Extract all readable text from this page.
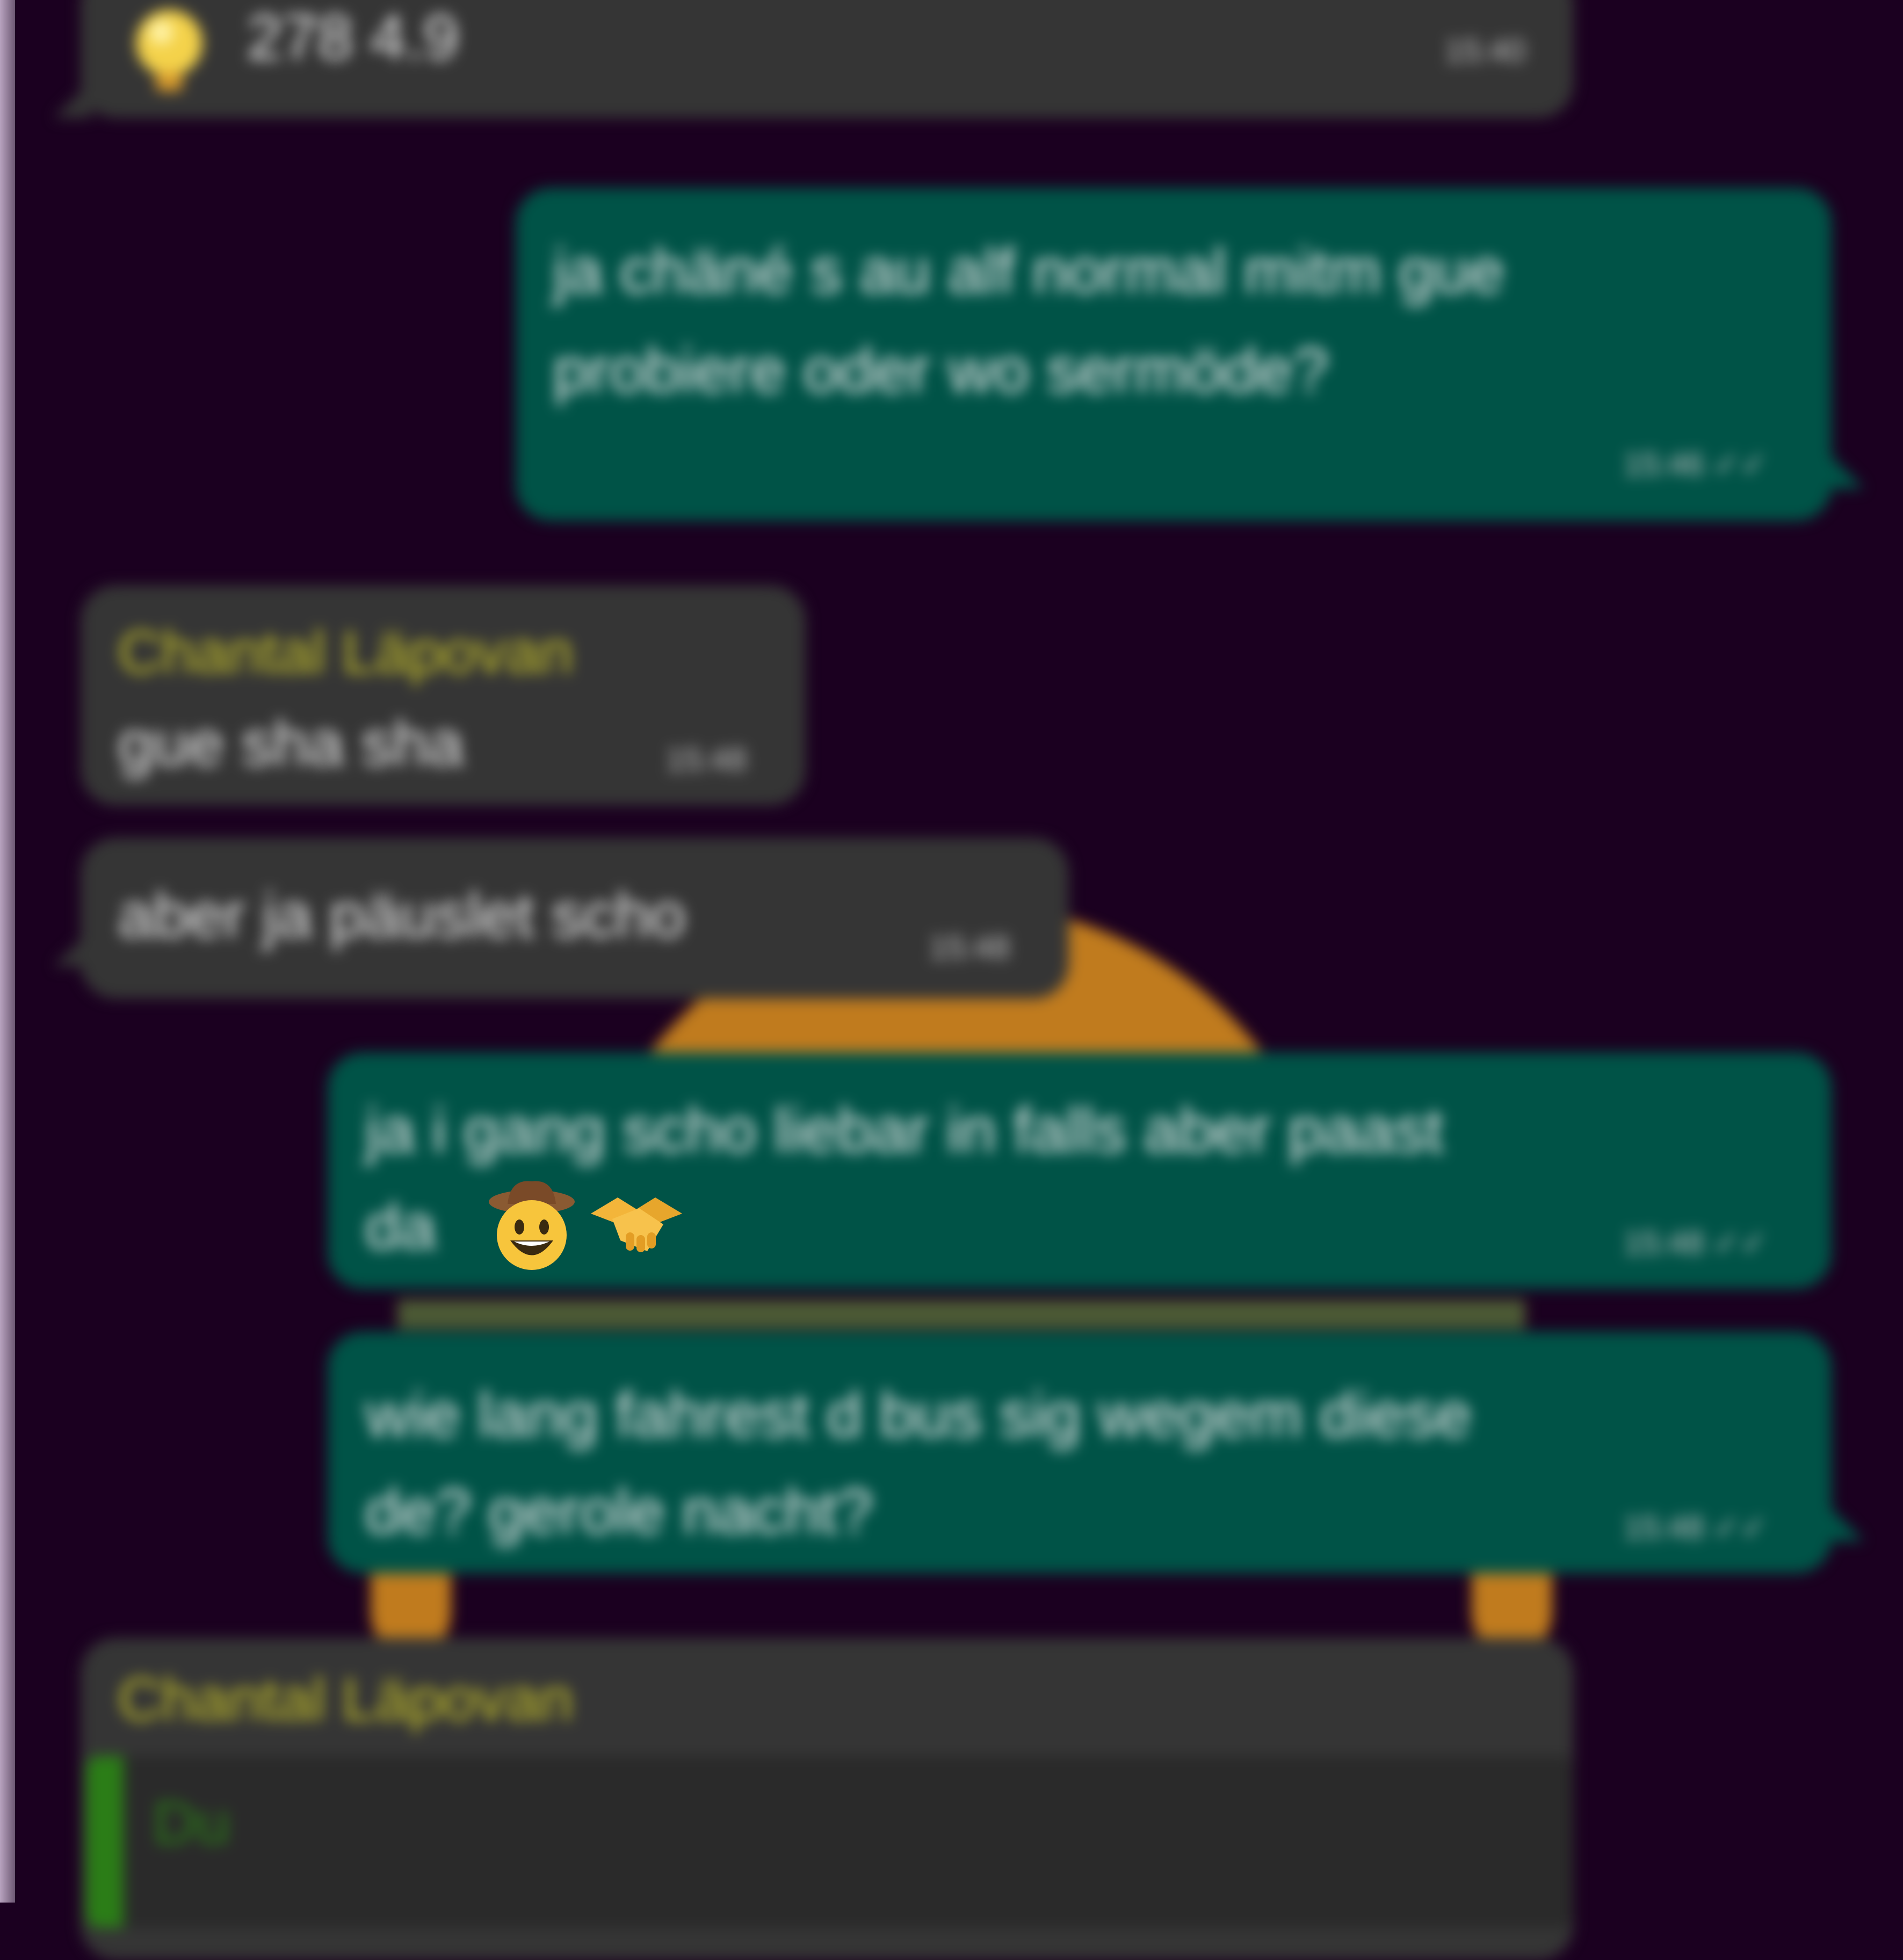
278 4.9	15:40
ja chäné s au alf normal mitm gue
probiere oder wo sermöde?
15:46 ✓✓
Chantal Läpovan
gue sha sha	15:48
aber ja päuslet scho	15:48
ja i gang scho liebar in falls aber paast
da	15:48 ✓✓
wie lang fahrest d bus sig wegem diese
de? gerole nacht?	15:48 ✓✓
Chantal Läpovan
Du
